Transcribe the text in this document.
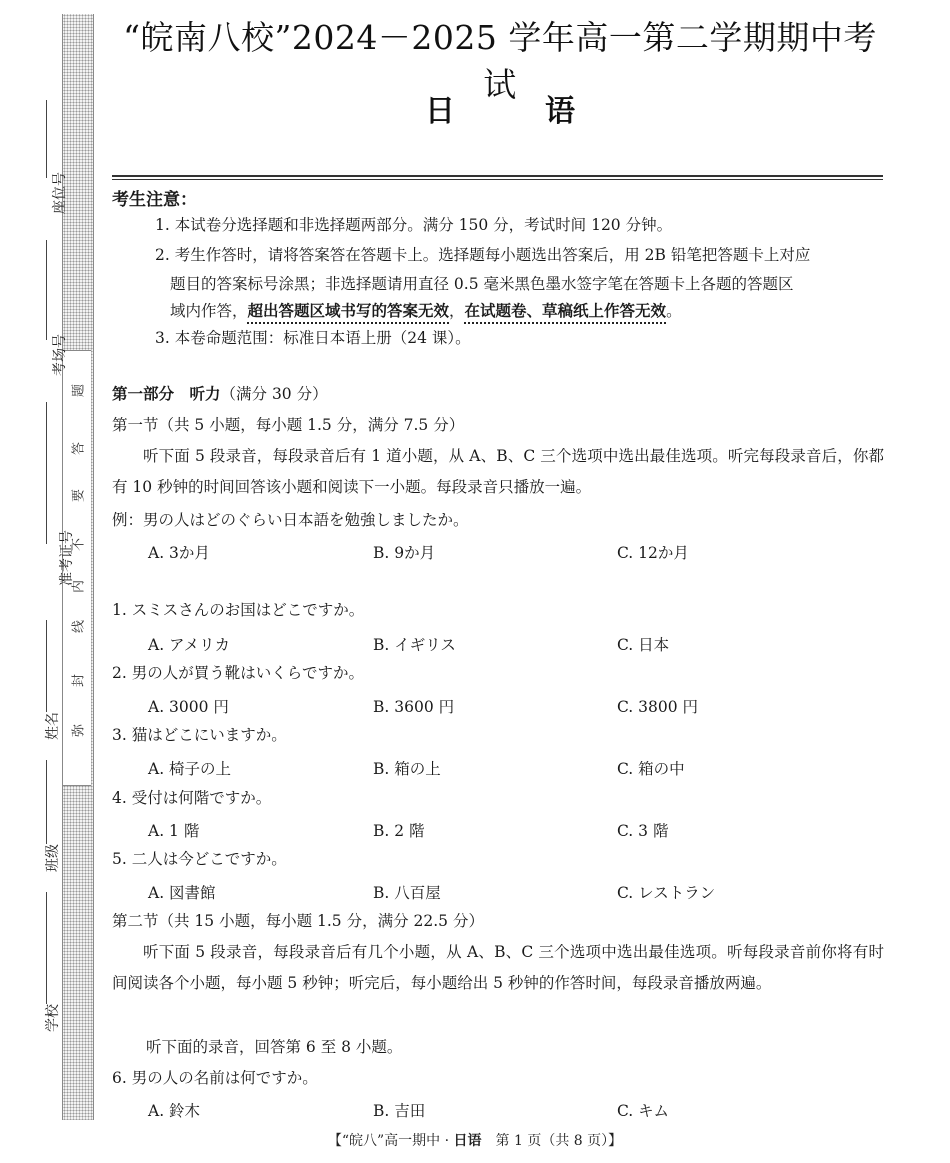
弥
封
线
内
不
要
答
题
座位号
考场号
准考证号
姓名
班级
学校
“皖南八校”2024－2025 学年高一第二学期期中考试
日	语
考生注意：
1. 本试卷分选择题和非选择题两部分。满分 150 分，考试时间 120 分钟。
2. 考生作答时，请将答案答在答题卡上。选择题每小题选出答案后，用 2B 铅笔把答题卡上对应
题目的答案标号涂黑；非选择题请用直径 0.5 毫米黑色墨水签字笔在答题卡上各题的答题区
域内作答，超出答题区域书写的答案无效，在试题卷、草稿纸上作答无效。
3. 本卷命题范围：标准日本语上册（24 课）。
第一部分　听力（满分 30 分）
第一节（共 5 小题，每小题 1.5 分，满分 7.5 分）
听下面 5 段录音，每段录音后有 1 道小题，从 A、B、C 三个选项中选出最佳选项。听完每段录音后，你都有 10 秒钟的时间回答该小题和阅读下一小题。每段录音只播放一遍。
例：男の人はどのぐらい日本語を勉強しましたか。
A. 3か月	B. 9か月	C. 12か月
1. スミスさんのお国はどこですか。
A. アメリカ	B. イギリス	C. 日本
2. 男の人が買う靴はいくらですか。
A. 3000 円	B. 3600 円	C. 3800 円
3. 猫はどこにいますか。
A. 椅子の上	B. 箱の上	C. 箱の中
4. 受付は何階ですか。
A. 1 階	B. 2 階	C. 3 階
5. 二人は今どこですか。
A. 図書館	B. 八百屋	C. レストラン
第二节（共 15 小题，每小题 1.5 分，满分 22.5 分）
听下面 5 段录音，每段录音后有几个小题，从 A、B、C 三个选项中选出最佳选项。听每段录音前你将有时间阅读各个小题，每小题 5 秒钟；听完后，每小题给出 5 秒钟的作答时间，每段录音播放两遍。
听下面的录音，回答第 6 至 8 小题。
6. 男の人の名前は何ですか。
A. 鈴木	B. 吉田	C. キム
【“皖八”高一期中 · 日语　第 1 页（共 8 页）】
